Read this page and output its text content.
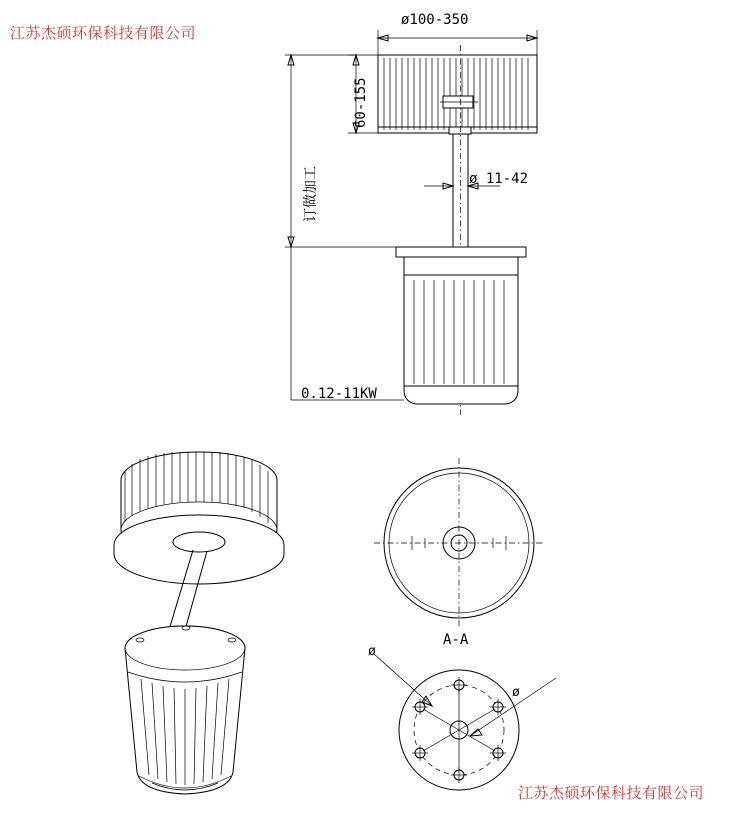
江苏杰硕环保科技有限公司
江苏杰硕环保科技有限公司
ø100-350
60-155
订做加工	ø 11-42
0.12-11KW
A-A
ø
ø
